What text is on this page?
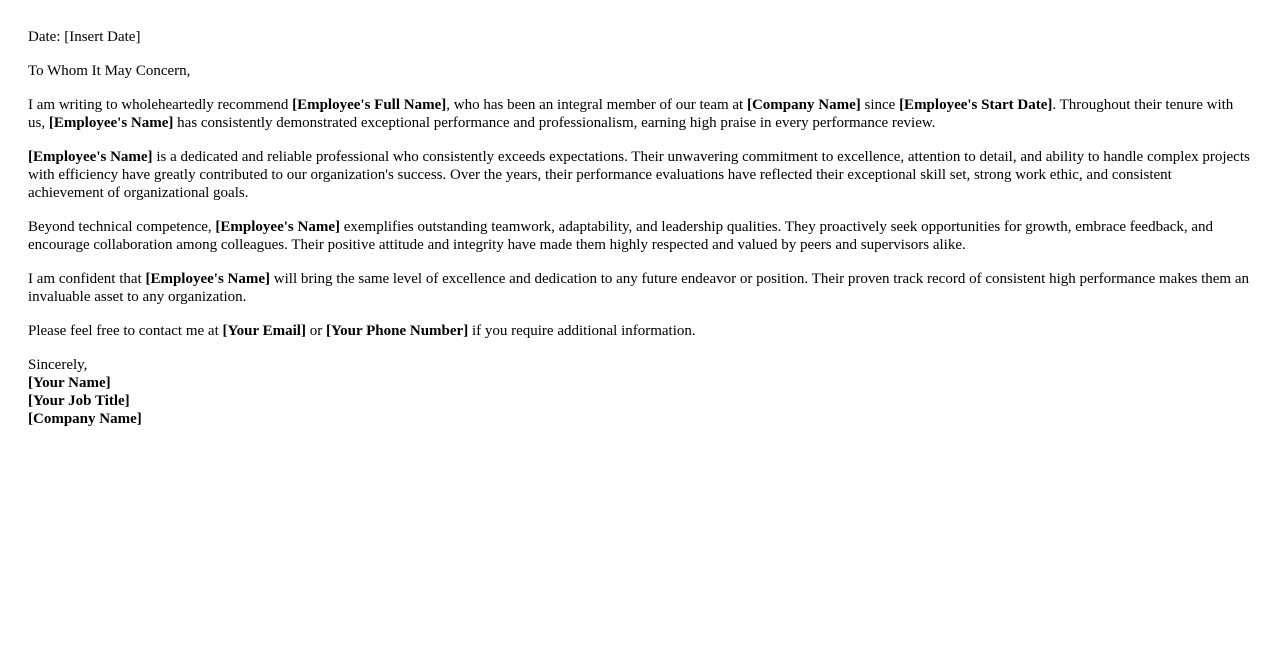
Date: [Insert Date]

To Whom It May Concern,

I am writing to wholeheartedly recommend [Employee's Full Name], who has been an integral member of our team at [Company Name] since [Employee's Start Date]. Throughout their tenure with us, [Employee's Name] has consistently demonstrated exceptional performance and professionalism, earning high praise in every performance review.

[Employee's Name] is a dedicated and reliable professional who consistently exceeds expectations. Their unwavering commitment to excellence, attention to detail, and ability to handle complex projects with efficiency have greatly contributed to our organization's success. Over the years, their performance evaluations have reflected their exceptional skill set, strong work ethic, and consistent achievement of organizational goals.

Beyond technical competence, [Employee's Name] exemplifies outstanding teamwork, adaptability, and leadership qualities. They proactively seek opportunities for growth, embrace feedback, and encourage collaboration among colleagues. Their positive attitude and integrity have made them highly respected and valued by peers and supervisors alike.

I am confident that [Employee's Name] will bring the same level of excellence and dedication to any future endeavor or position. Their proven track record of consistent high performance makes them an invaluable asset to any organization.

Please feel free to contact me at [Your Email] or [Your Phone Number] if you require additional information.

Sincerely,
[Your Name]
[Your Job Title]
[Company Name]
